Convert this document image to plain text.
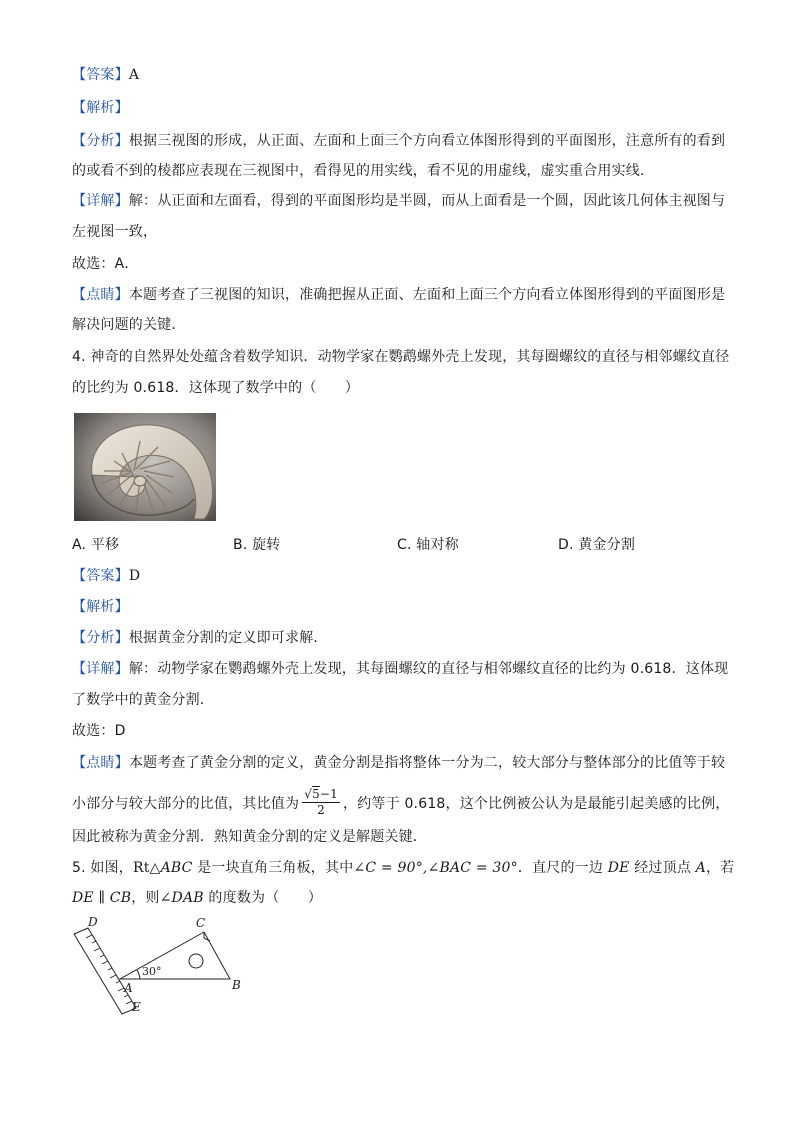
【答案】A
【解析】
【分析】根据三视图的形成，从正面、左面和上面三个方向看立体图形得到的平面图形，注意所有的看到
的或看不到的棱都应表现在三视图中，看得见的用实线，看不见的用虚线，虚实重合用实线．
【详解】解：从正面和左面看，得到的平面图形均是半圆，而从上面看是一个圆，因此该几何体主视图与
左视图一致，
故选：A．
【点睛】本题考查了三视图的知识，准确把握从正面、左面和上面三个方向看立体图形得到的平面图形是
解决问题的关键．
4. 神奇的自然界处处蕴含着数学知识．动物学家在鹦鹉螺外壳上发现，其每圈螺纹的直径与相邻螺纹直径
的比约为 0.618．这体现了数学中的（　　）
A. 平移	B. 旋转	C. 轴对称	D. 黄金分割
【答案】D
【解析】
【分析】根据黄金分割的定义即可求解．
【详解】解：动物学家在鹦鹉螺外壳上发现，其每圈螺纹的直径与相邻螺纹直径的比约为 0.618．这体现
了数学中的黄金分割．
故选：D
【点睛】本题考查了黄金分割的定义，黄金分割是指将整体一分为二，较大部分与整体部分的比值等于较
小部分与较大部分的比值，其比值为 $\frac{√5-1}{2}$ ，约等于 0.618，这个比例被公认为是最能引起美感的比例，
因此被称为黄金分割．熟知黄金分割的定义是解题关键．
5. 如图，Rt△ABC 是一块直角三角板，其中∠C = 90°,∠BAC = 30°．直尺的一边 DE 经过顶点 A，若
DE ∥ CB，则∠DAB 的度数为（　　）
D	C
30°
A	B
E
